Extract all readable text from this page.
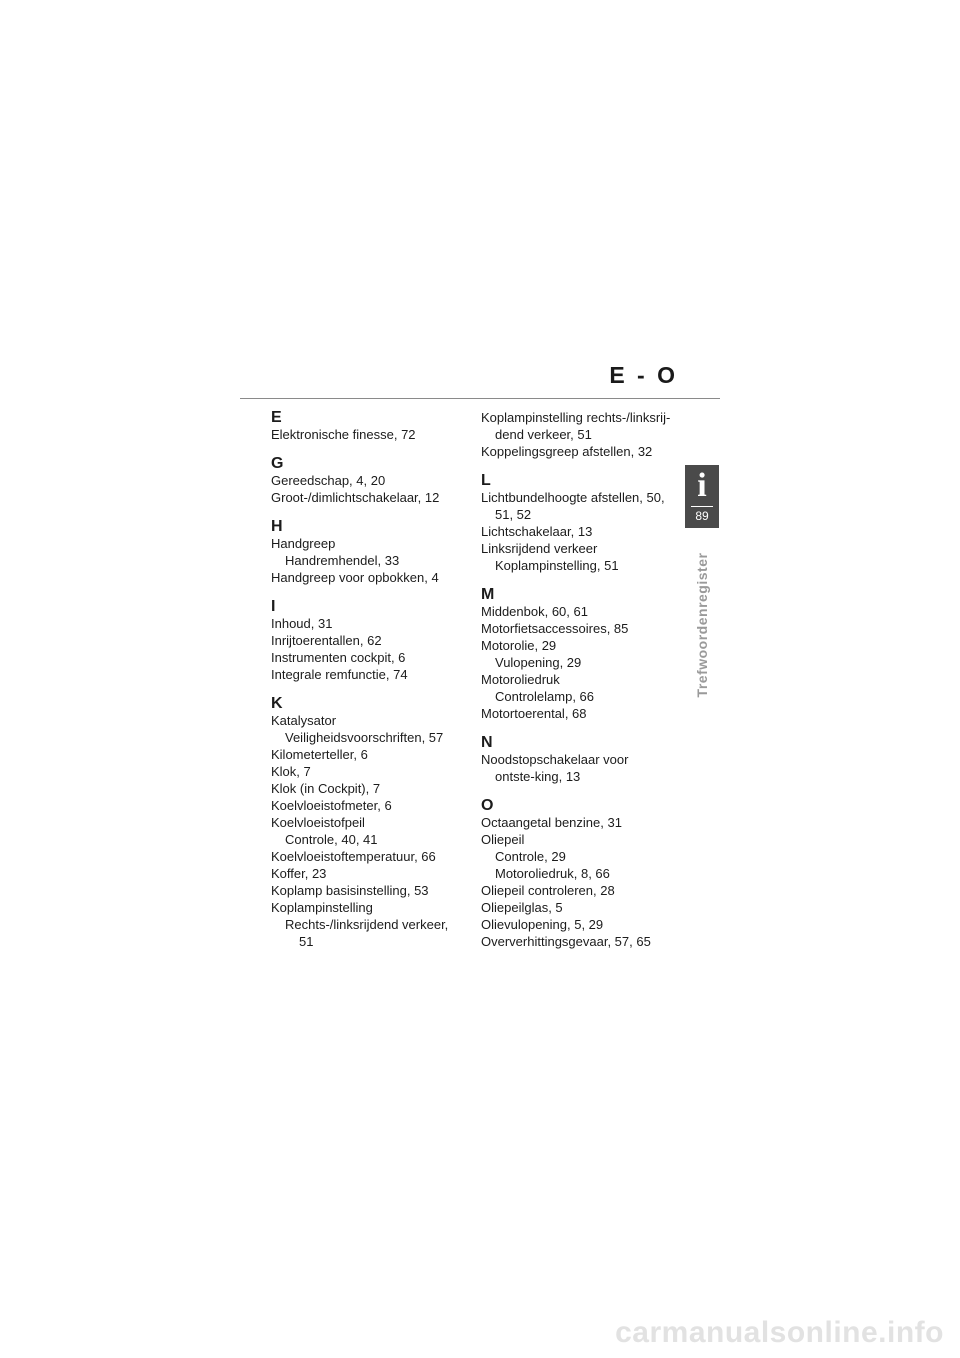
E - O
i
89
Trefwoordenregister
E
Elektronische finesse, 72
G
Gereedschap, 4, 20
Groot-/dimlichtschakelaar, 12
H
Handgreep
Handremhendel, 33
Handgreep voor opbokken, 4
I
Inhoud, 31
Inrijtoerentallen, 62
Instrumenten cockpit, 6
Integrale remfunctie, 74
K
Katalysator
Veiligheidsvoorschriften, 57
Kilometerteller, 6
Klok, 7
Klok (in Cockpit), 7
Koelvloeistofmeter, 6
Koelvloeistofpeil
Controle, 40, 41
Koelvloeistoftemperatuur, 66
Koffer, 23
Koplamp basisinstelling, 53
Koplampinstelling
Rechts-/linksrijdend verkeer, 51
Koplampinstelling rechts-/linksrij-dend verkeer, 51
Koppelingsgreep afstellen, 32
L
Lichtbundelhoogte afstellen, 50, 51, 52
Lichtschakelaar, 13
Linksrijdend verkeer
Koplampinstelling, 51
M
Middenbok, 60, 61
Motorfietsaccessoires, 85
Motorolie, 29
Vulopening, 29
Motoroliedruk
Controlelamp, 66
Motortoerental, 68
N
Noodstopschakelaar voor ontste-king, 13
O
Octaangetal benzine, 31
Oliepeil
Controle, 29
Motoroliedruk, 8, 66
Oliepeil controleren, 28
Oliepeilglas, 5
Olievulopening, 5, 29
Oververhittingsgevaar, 57, 65
carmanualsonline.info
